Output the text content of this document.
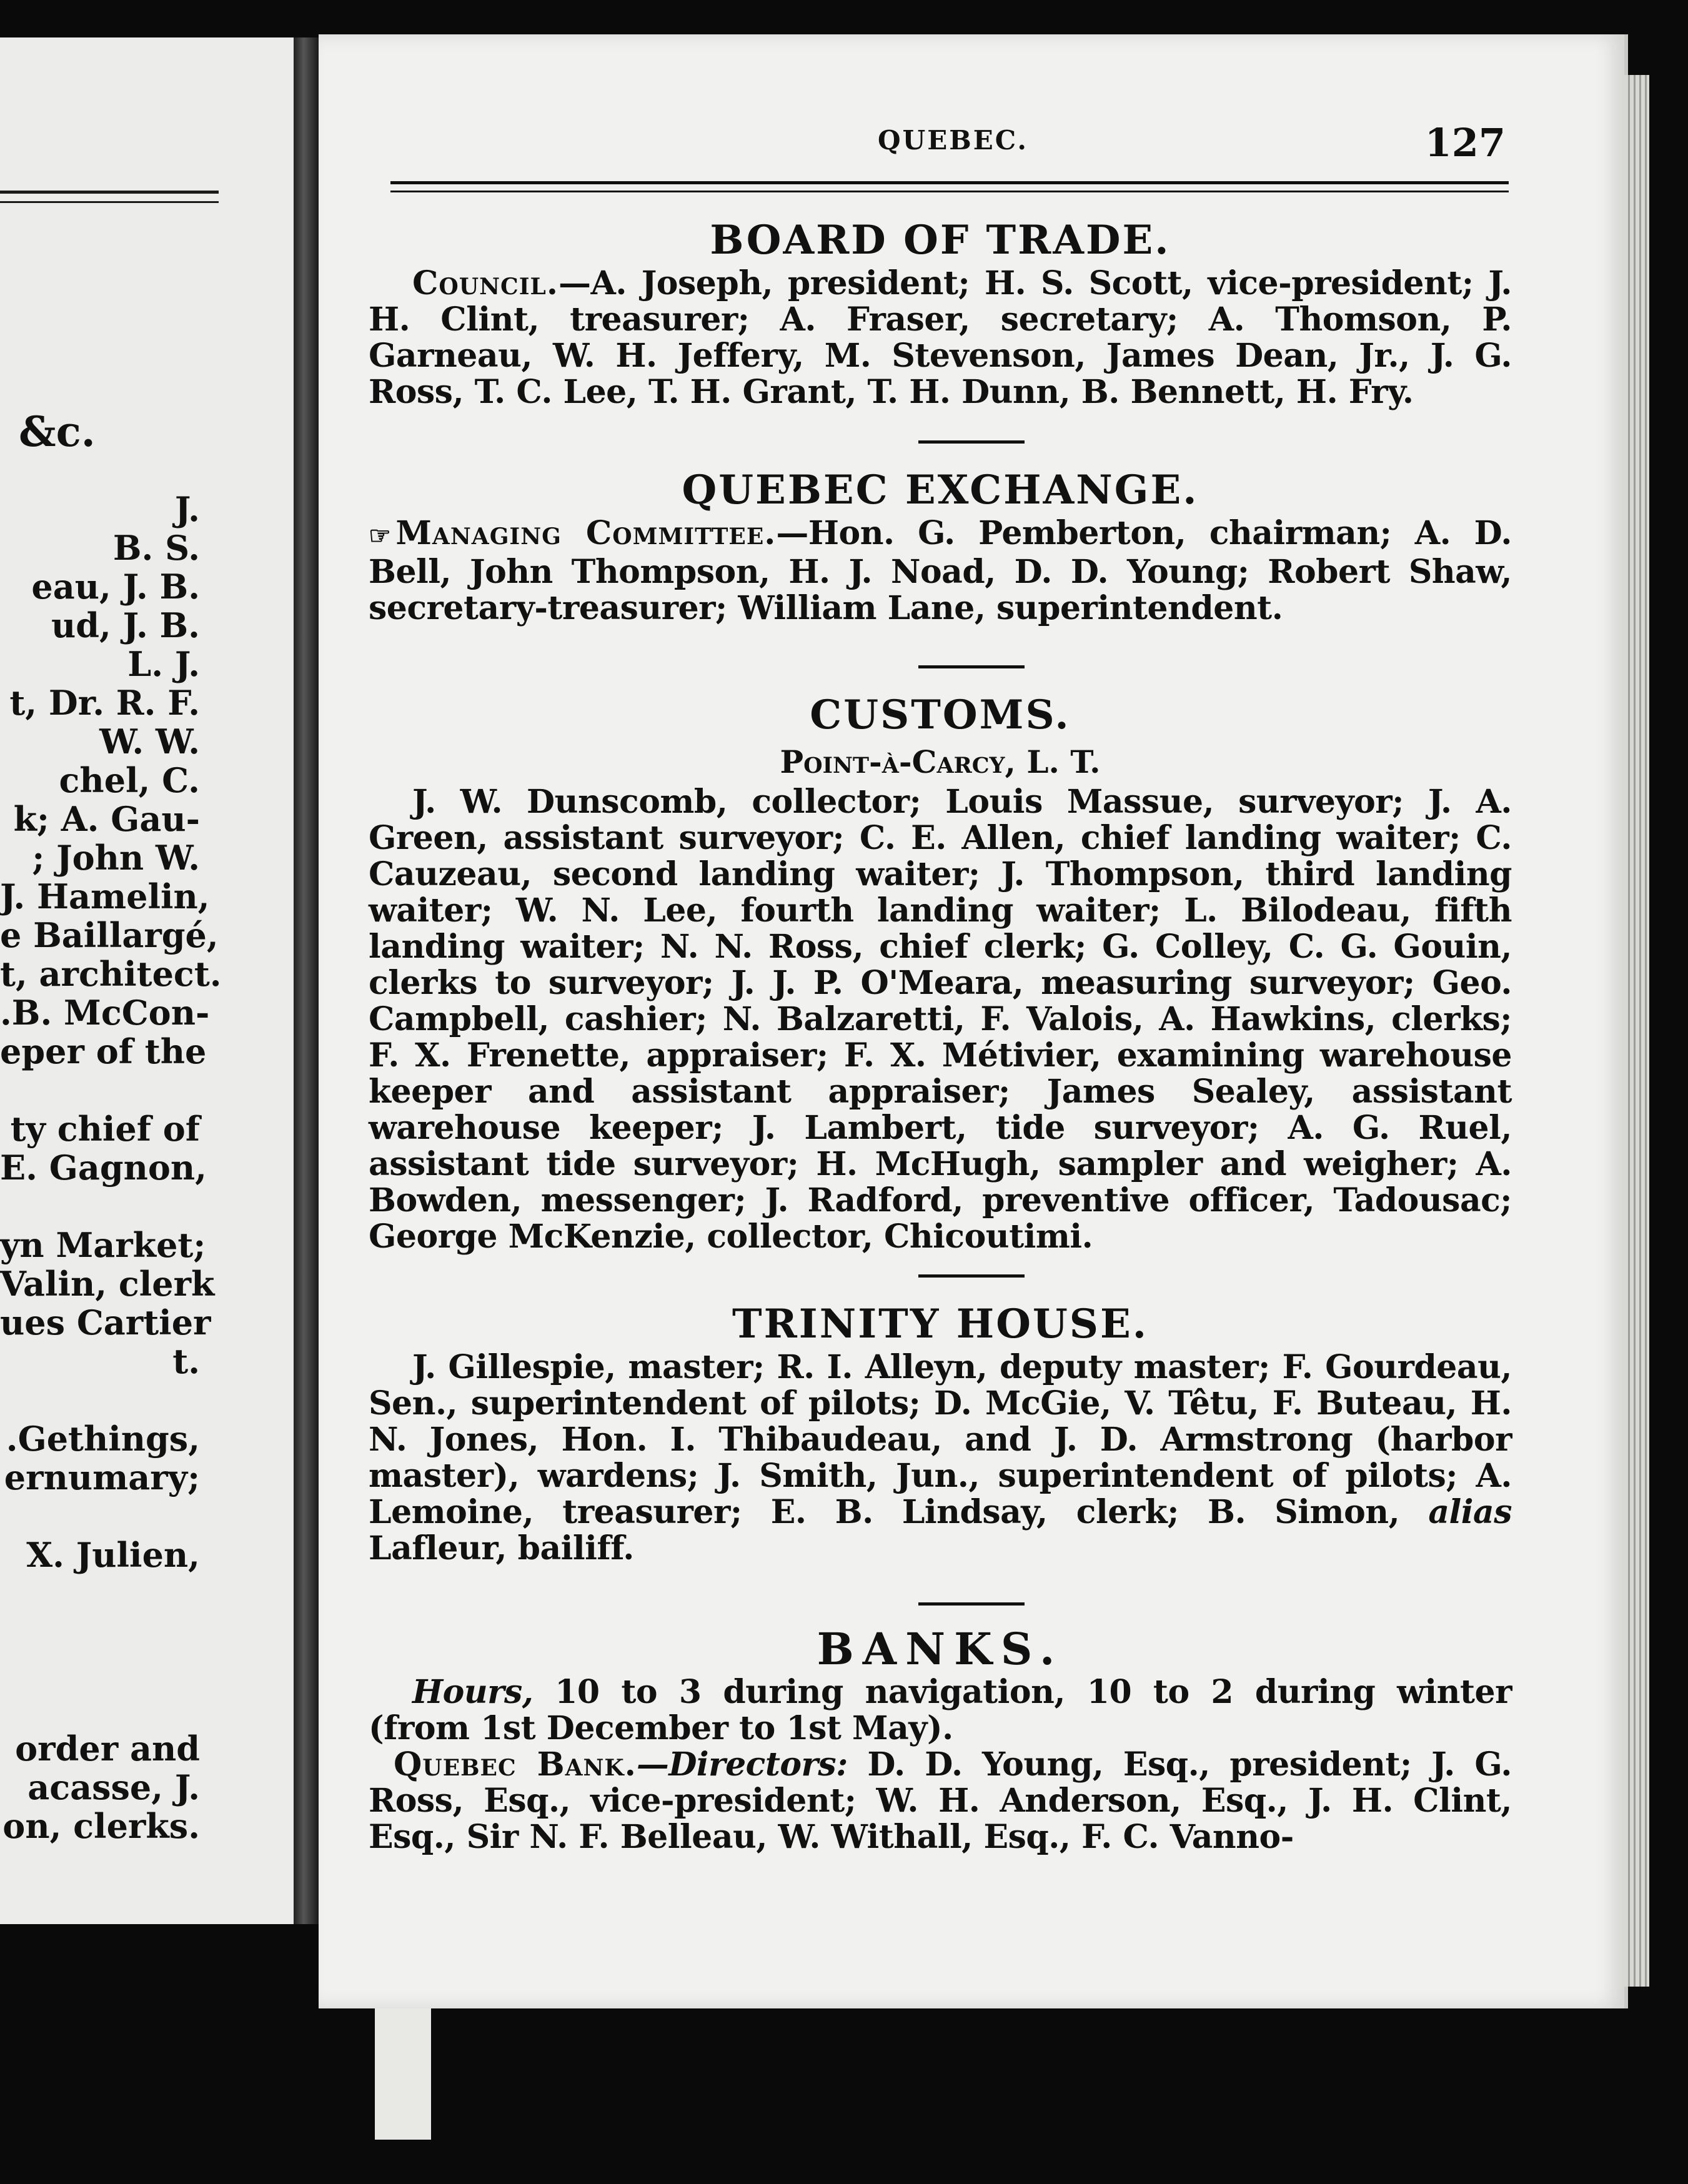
&c.
J.
B. S.
eau, J. B.
ud, J. B.
L. J.
t, Dr. R. F.
W. W.
chel, C.
k; A. Gau-
; John W.
J. Hamelin,
e Baillargé,
t, architect.
.B. McCon-
eper of the
ty chief of
E. Gagnon,
yn Market;
Valin, clerk
ues Cartier
t.
.Gethings,
ernumary;
X. Julien,
order and
acasse, J.
on, clerks.
QUEBEC.	127
BOARD OF TRADE.

Council.—A. Joseph, president; H. S. Scott, vice-president; J. H. Clint, treasurer; A. Fraser, secretary; A. Thomson, P. Garneau, W. H. Jeffery, M. Stevenson, James Dean, Jr., J. G. Ross, T. C. Lee, T. H. Grant, T. H. Dunn, B. Bennett, H. Fry.

QUEBEC EXCHANGE.

☞ Managing Committee.—Hon. G. Pemberton, chairman; A. D. Bell, John Thompson, H. J. Noad, D. D. Young; Robert Shaw, secretary-treasurer; William Lane, superintendent.

CUSTOMS.

Point-à-Carcy, L. T.

J. W. Dunscomb, collector; Louis Massue, surveyor; J. A. Green, assistant surveyor; C. E. Allen, chief landing waiter; C. Cauzeau, second landing waiter; J. Thompson, third landing waiter; W. N. Lee, fourth landing waiter; L. Bilodeau, fifth landing waiter; N. N. Ross, chief clerk; G. Colley, C. G. Gouin, clerks to surveyor; J. J. P. O'Meara, measuring surveyor; Geo. Campbell, cashier; N. Balzaretti, F. Valois, A. Hawkins, clerks; F. X. Frenette, appraiser; F. X. Métivier, examining warehouse keeper and assistant appraiser; James Sealey, assistant warehouse keeper; J. Lambert, tide surveyor; A. G. Ruel, assistant tide surveyor; H. McHugh, sampler and weigher; A. Bowden, messenger; J. Radford, preventive officer, Tadousac; George McKenzie, collector, Chicoutimi.

TRINITY HOUSE.

J. Gillespie, master; R. I. Alleyn, deputy master; F. Gourdeau, Sen., superintendent of pilots; D. McGie, V. Têtu, F. Buteau, H. N. Jones, Hon. I. Thibaudeau, and J. D. Armstrong (harbor master), wardens; J. Smith, Jun., superintendent of pilots; A. Lemoine, treasurer; E. B. Lindsay, clerk; B. Simon, alias Lafleur, bailiff.

BANKS.

Hours, 10 to 3 during navigation, 10 to 2 during winter (from 1st December to 1st May).

Quebec Bank.—Directors: D. D. Young, Esq., president; J. G. Ross, Esq., vice-president; W. H. Anderson, Esq., J. H. Clint, Esq., Sir N. F. Belleau, W. Withall, Esq., F. C. Vanno-
